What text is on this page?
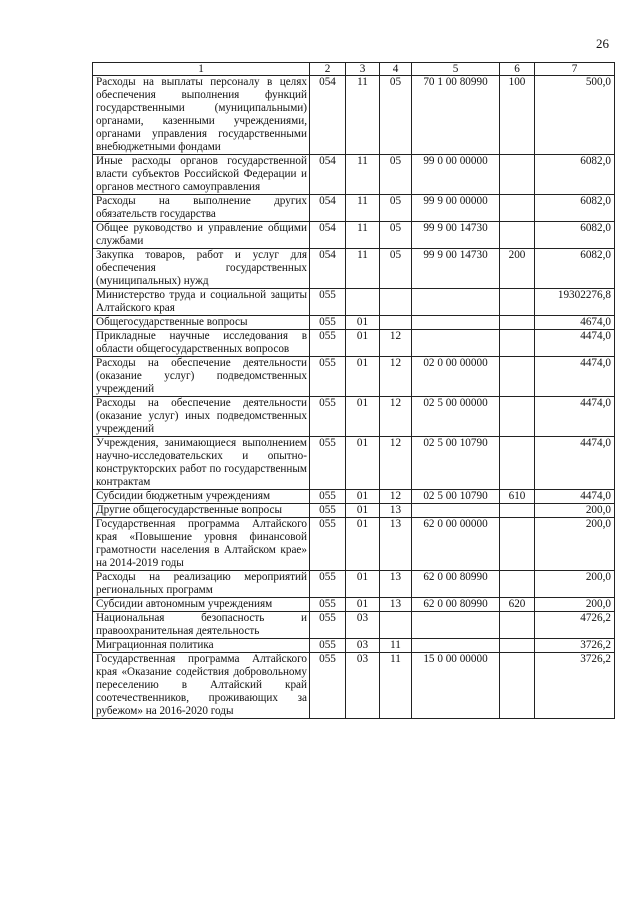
26
1	2	3	4	5	6	7
Расходы на выплаты персоналу в целях обеспечения выполнения функций государственными (муниципальными) органами, казенными учреждениями, органами управления государственными внебюджетными фондами	054	11	05	70 1 00 80990	100	500,0
Иные расходы органов государственной власти субъектов Российской Федерации и органов местного самоуправления	054	11	05	99 0 00 00000		6082,0
Расходы на выполнение других обязательств государства	054	11	05	99 9 00 00000		6082,0
Общее руководство и управление общими службами	054	11	05	99 9 00 14730		6082,0
Закупка товаров, работ и услуг для обеспечения государственных (муниципальных) нужд	054	11	05	99 9 00 14730	200	6082,0
Министерство труда и социальной защиты Алтайского края	055					19302276,8
Общегосударственные вопросы	055	01				4674,0
Прикладные научные исследования в области общегосударственных вопросов	055	01	12			4474,0
Расходы на обеспечение деятельности (оказание услуг) подведомственных учреждений	055	01	12	02 0 00 00000		4474,0
Расходы на обеспечение деятельности (оказание услуг) иных подведомственных учреждений	055	01	12	02 5 00 00000		4474,0
Учреждения, занимающиеся выполнением научно-исследовательских и опытно-конструкторских работ по государственным контрактам	055	01	12	02 5 00 10790		4474,0
Субсидии бюджетным учреждениям	055	01	12	02 5 00 10790	610	4474,0
Другие общегосударственные вопросы	055	01	13			200,0
Государственная программа Алтайского края «Повышение уровня финансовой грамотности населения в Алтайском крае» на 2014-2019 годы	055	01	13	62 0 00 00000		200,0
Расходы на реализацию мероприятий региональных программ	055	01	13	62 0 00 80990		200,0
Субсидии автономным учреждениям	055	01	13	62 0 00 80990	620	200,0
Национальная безопасность и правоохранительная деятельность	055	03				4726,2
Миграционная политика	055	03	11			3726,2
Государственная программа Алтайского края «Оказание содействия добровольному переселению в Алтайский край соотечественников, проживающих за рубежом» на 2016-2020 годы	055	03	11	15 0 00 00000		3726,2
